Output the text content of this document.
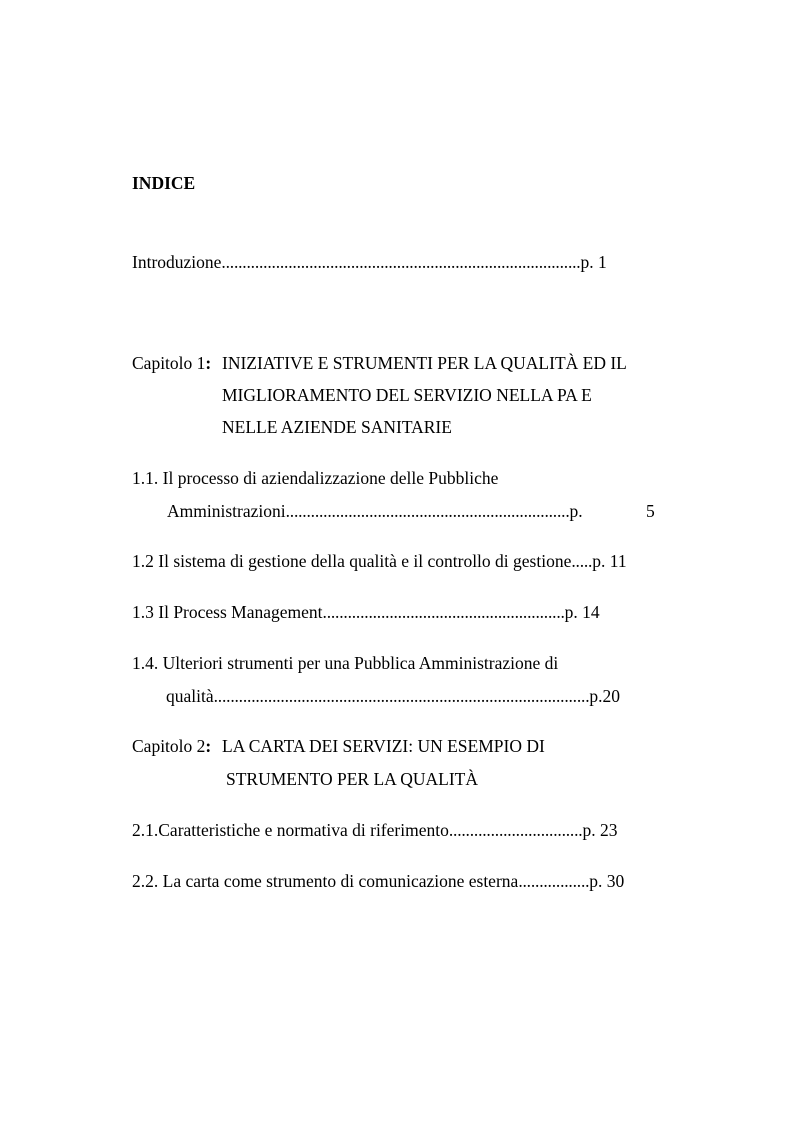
INDICE
Introduzione......................................................................................p. 1
Capitolo 1: INIZIATIVE E STRUMENTI PER LA QUALITÀ ED IL
MIGLIORAMENTO DEL SERVIZIO NELLA PA E
NELLE AZIENDE SANITARIE
1.1. Il processo di aziendalizzazione delle Pubbliche
Amministrazioni....................................................................p.	5
1.2 Il sistema di gestione della qualità e il controllo di gestione.....p. 11
1.3 Il Process Management..........................................................p. 14
1.4. Ulteriori strumenti per una Pubblica Amministrazione di
qualità..........................................................................................p.20
Capitolo 2: LA CARTA DEI SERVIZI: UN ESEMPIO DI
STRUMENTO PER LA QUALITÀ
2.1.Caratteristiche e normativa di riferimento................................p. 23
2.2. La carta come strumento di comunicazione esterna.................p. 30
